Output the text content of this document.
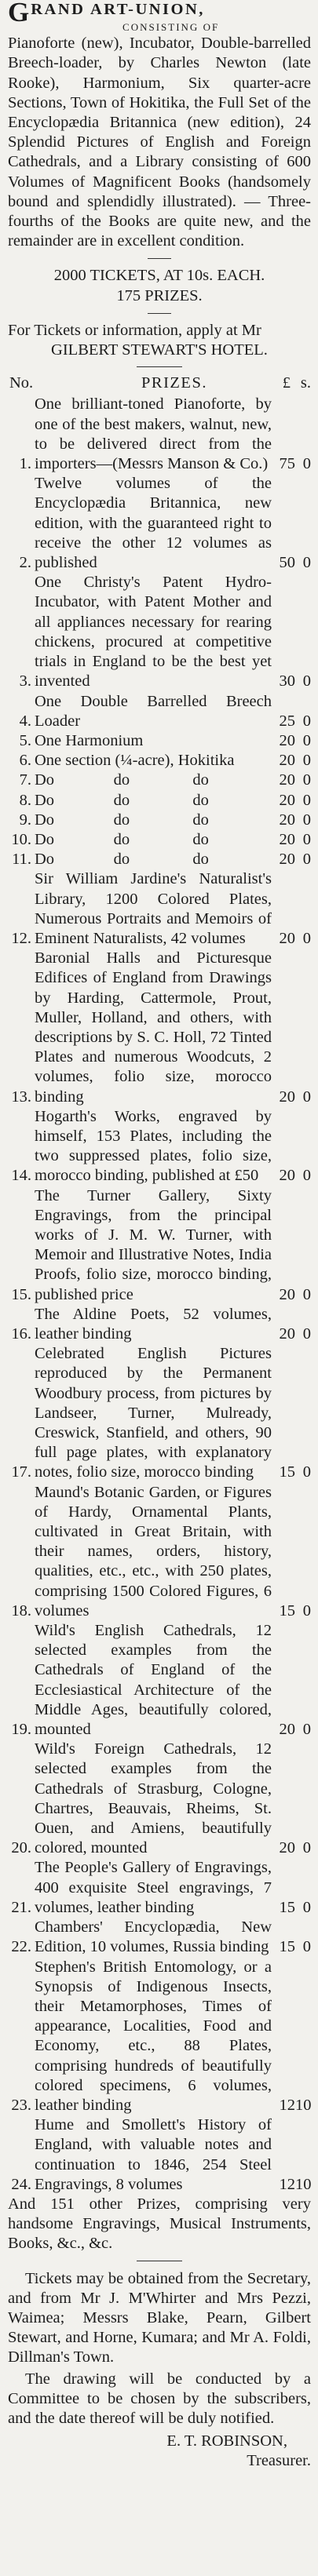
GRAND ART-UNION,

CONSISTING OF

Pianoforte (new), Incubator, Double-barrelled Breech-loader, by Charles Newton (late Rooke), Harmonium, Six quarter-acre Sections, Town of Hokitika, the Full Set of the Encyclopædia Britannica (new edition), 24 Splendid Pictures of English and Foreign Cathedrals, and a Library consisting of 600 Volumes of Magnificent Books (handsomely bound and splendidly illustrated). — Three-fourths of the Books are quite new, and the remainder are in excellent condition.

2000 TICKETS, AT 10s. EACH.

175 PRIZES.

For Tickets or information, apply at Mr

GILBERT STEWART'S HOTEL.

No.	PRIZES.	£ s.
1.
One brilliant-toned Pianoforte, by one of the best makers, walnut, new, to be delivered direct from the importers—(Messrs Manson & Co.) 75 0
2.
Twelve volumes of the Encyclopædia Britannica, new edition, with the guaranteed right to receive the other 12 volumes as published	50 0
3.
One Christy's Patent Hydro-Incubator, with Patent Mother and all appliances necessary for rearing chickens, procured at competitive trials in England to be the best yet invented	30 0
4.
One Double Barrelled Breech Loader	25 0
5. One Harmonium	20 0
6. One section (¼-acre), Hokitika	20 0
7. Do	do	do	20 0
8. Do	do	do	20 0
9. Do	do	do	20 0
10. Do	do	do	20 0
11. Do	do	do	20 0
12.
Sir William Jardine's Naturalist's Library, 1200 Colored Plates, Numerous Portraits and Memoirs of Eminent Naturalists, 42 volumes	20 0
13.
Baronial Halls and Picturesque Edifices of England from Drawings by Harding, Cattermole, Prout, Muller, Holland, and others, with descriptions by S. C. Holl, 72 Tinted Plates and numerous Woodcuts, 2 volumes, folio size, morocco binding	20 0
14.
Hogarth's Works, engraved by himself, 153 Plates, including the two suppressed plates, folio size, morocco binding, published at £50	20 0
15.
The Turner Gallery, Sixty Engravings, from the principal works of J. M. W. Turner, with Memoir and Illustrative Notes, India Proofs, folio size, morocco binding, published price	20 0
16.
The Aldine Poets, 52 volumes, leather binding	20 0
17.
Celebrated English Pictures reproduced by the Permanent Woodbury process, from pictures by Landseer, Turner, Mulready, Creswick, Stanfield, and others, 90 full page plates, with explanatory notes, folio size, morocco binding	15 0
18.
Maund's Botanic Garden, or Figures of Hardy, Ornamental Plants, cultivated in Great Britain, with their names, orders, history, qualities, etc., etc., with 250 plates, comprising 1500 Colored Figures, 6 volumes	15 0
19.
Wild's English Cathedrals, 12 selected examples from the Cathedrals of England of the Ecclesiastical Architecture of the Middle Ages, beautifully colored, mounted	20 0
20.
Wild's Foreign Cathedrals, 12 selected examples from the Cathedrals of Strasburg, Cologne, Chartres, Beauvais, Rheims, St. Ouen, and Amiens, beautifully colored, mounted	20 0
21.
The People's Gallery of Engravings, 400 exquisite Steel engravings, 7 volumes, leather binding	15 0
22.
Chambers' Encyclopædia, New Edition, 10 volumes, Russia binding 15 0
23.
Stephen's British Entomology, or a Synopsis of Indigenous Insects, their Metamorphoses, Times of appearance, Localities, Food and Economy, etc., 88 Plates, comprising hundreds of beautifully colored specimens, 6 volumes, leather binding	12 10
24.
Hume and Smollett's History of England, with valuable notes and continuation to 1846, 254 Steel Engravings, 8 volumes	12 10

And 151 other Prizes, comprising very handsome Engravings, Musical Instruments, Books, &c., &c.

Tickets may be obtained from the Secretary, and from Mr J. M'Whirter and Mrs Pezzi, Waimea; Messrs Blake, Pearn, Gilbert Stewart, and Horne, Kumara; and Mr A. Foldi, Dillman's Town.

The drawing will be conducted by a Committee to be chosen by the subscribers, and the date thereof will be duly notified.

E. T. ROBINSON,

Treasurer.
